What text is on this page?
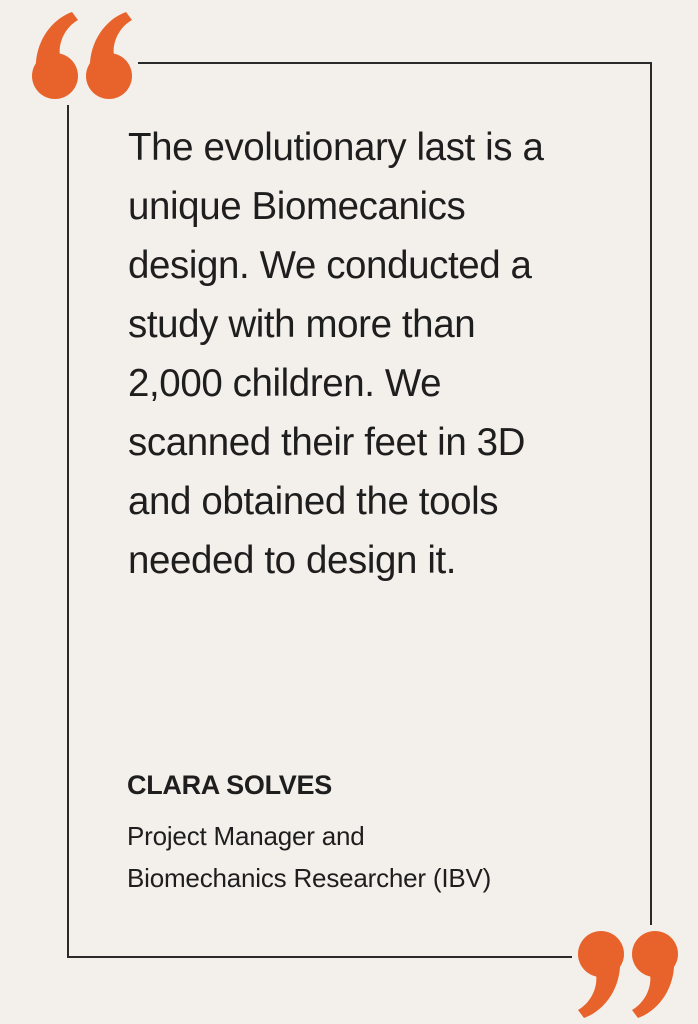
The evolutionary last is a
unique Biomecanics
design. We conducted a
study with more than
2,000 children. We
scanned their feet in 3D
and obtained the tools
needed to design it.

CLARA SOLVES

Project Manager and
Biomechanics Researcher (IBV)
